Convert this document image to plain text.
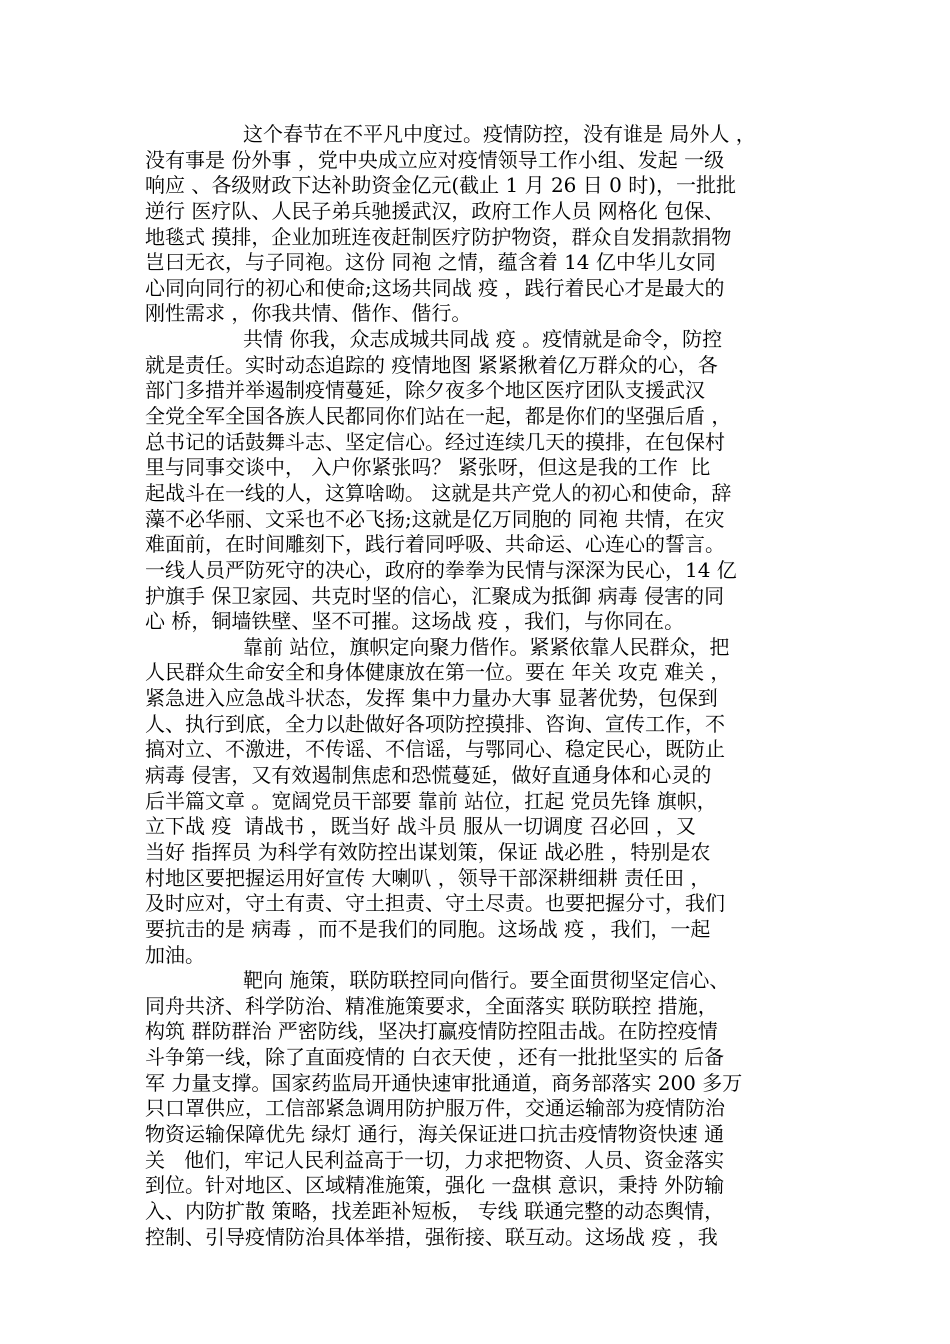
这个春节在不平凡中度过。疫情防控，没有谁是 局外人 ，
没有事是 份外事 ，党中央成立应对疫情领导工作小组、发起 一级
响应 、各级财政下达补助资金亿元(截止 1 月 26 日 0 时)，一批批
逆行 医疗队、人民子弟兵驰援武汉，政府工作人员 网格化 包保、
地毯式 摸排，企业加班连夜赶制医疗防护物资，群众自发捐款捐物
岂曰无衣，与子同袍。这份 同袍 之情，蕴含着 14 亿中华儿女同
心同向同行的初心和使命;这场共同战 疫 ，践行着民心才是最大的
刚性需求 ，你我共情、偕作、偕行。
共情 你我，众志成城共同战 疫 。疫情就是命令，防控
就是责任。实时动态追踪的 疫情地图 紧紧揪着亿万群众的心，各
部门多措并举遏制疫情蔓延，除夕夜多个地区医疗团队支援武汉
全党全军全国各族人民都同你们站在一起，都是你们的坚强后盾 ，
总书记的话鼓舞斗志、坚定信心。经过连续几天的摸排，在包保村
里与同事交谈中， 入户你紧张吗？ 紧张呀，但这是我的工作  比
起战斗在一线的人，这算啥呦。 这就是共产党人的初心和使命，辞
藻不必华丽、文采也不必飞扬;这就是亿万同胞的 同袍 共情，在灾
难面前，在时间雕刻下，践行着同呼吸、共命运、心连心的誓言。
一线人员严防死守的决心，政府的拳拳为民情与深深为民心，14 亿
护旗手 保卫家园、共克时坚的信心，汇聚成为抵御 病毒 侵害的同
心 桥，铜墙铁壁、坚不可摧。这场战 疫 ，我们，与你同在。
靠前 站位，旗帜定向聚力偕作。紧紧依靠人民群众，把
人民群众生命安全和身体健康放在第一位。要在 年关 攻克 难关 ，
紧急进入应急战斗状态，发挥 集中力量办大事 显著优势，包保到
人、执行到底，全力以赴做好各项防控摸排、咨询、宣传工作，不
搞对立、不激进，不传谣、不信谣，与鄂同心、稳定民心，既防止
病毒 侵害，又有效遏制焦虑和恐慌蔓延，做好直通身体和心灵的
后半篇文章 。宽阔党员干部要 靠前 站位，扛起 党员先锋 旗帜，
立下战 疫  请战书 ，既当好 战斗员 服从一切调度 召必回 ，又
当好 指挥员 为科学有效防控出谋划策，保证 战必胜 ，特别是农
村地区要把握运用好宣传 大喇叭 ，领导干部深耕细耕 责任田 ，
及时应对，守土有责、守土担责、守土尽责。也要把握分寸，我们
要抗击的是 病毒 ，而不是我们的同胞。这场战 疫 ，我们，一起
加油。
靶向 施策，联防联控同向偕行。要全面贯彻坚定信心、
同舟共济、科学防治、精准施策要求，全面落实 联防联控 措施，
构筑 群防群治 严密防线，坚决打赢疫情防控阻击战。在防控疫情
斗争第一线，除了直面疫情的 白衣天使 ，还有一批批坚实的 后备
军 力量支撑。国家药监局开通快速审批通道，商务部落实 200 多万
只口罩供应，工信部紧急调用防护服万件，交通运输部为疫情防治
物资运输保障优先 绿灯 通行，海关保证进口抗击疫情物资快速 通
关   他们，牢记人民利益高于一切，力求把物资、人员、资金落实
到位。针对地区、区域精准施策，强化 一盘棋 意识，秉持 外防输
入、内防扩散 策略，找差距补短板， 专线 联通完整的动态舆情，
控制、引导疫情防治具体举措，强衔接、联互动。这场战 疫 ，我
